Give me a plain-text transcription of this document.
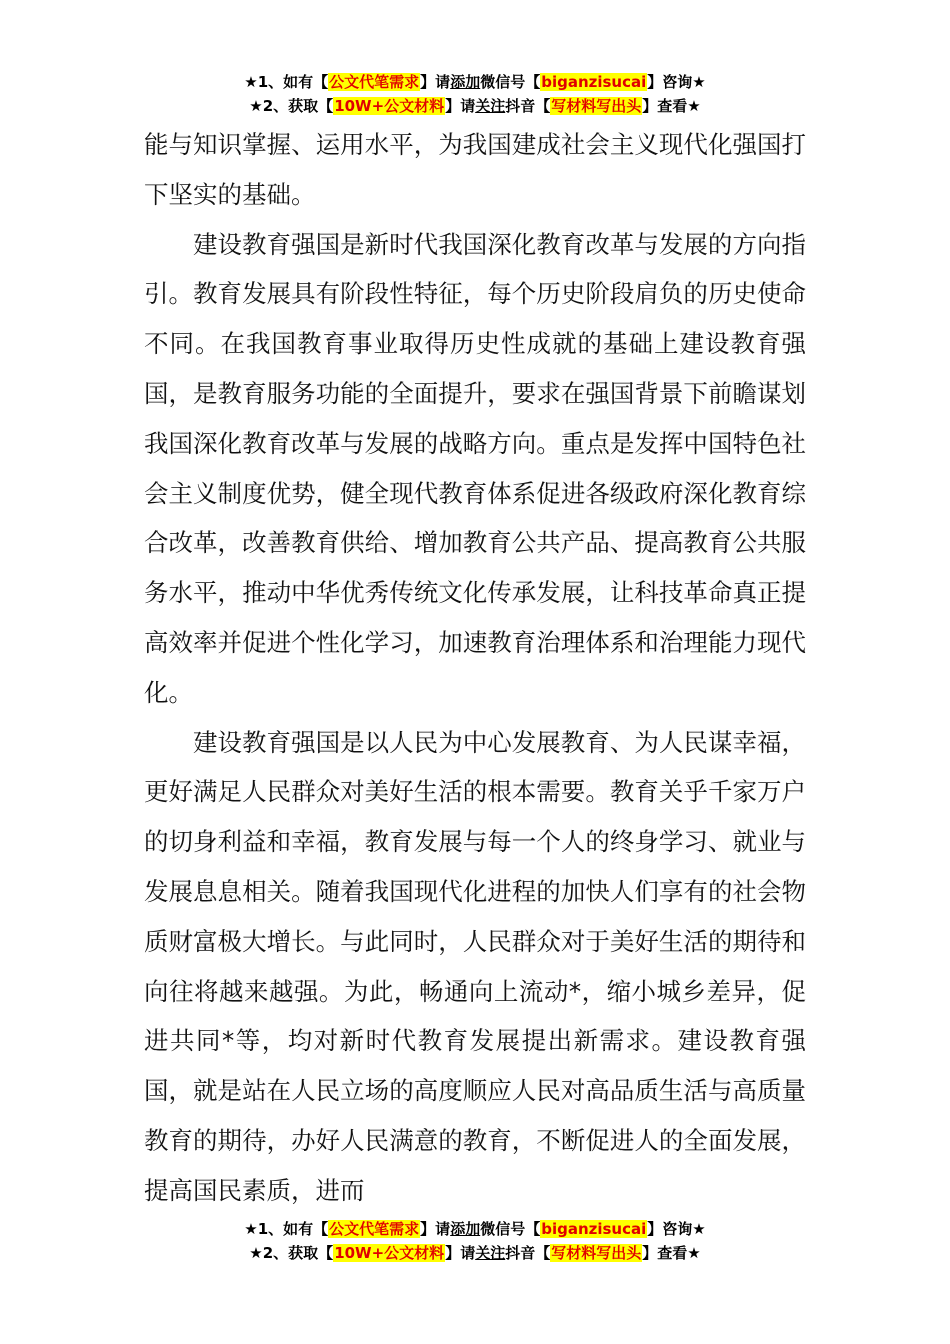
★1、如有【公文代笔需求】请添加微信号【biganzisucai】咨询★
★2、获取【10W+公文材料】请关注抖音【写材料写出头】查看★

能与知识掌握、运用水平，为我国建成社会主义现代化强国打下坚实的基础。

建设教育强国是新时代我国深化教育改革与发展的方向指引。教育发展具有阶段性特征，每个历史阶段肩负的历史使命不同。在我国教育事业取得历史性成就的基础上建设教育强国，是教育服务功能的全面提升，要求在强国背景下前瞻谋划我国深化教育改革与发展的战略方向。重点是发挥中国特色社会主义制度优势，健全现代教育体系促进各级政府深化教育综合改革，改善教育供给、增加教育公共产品、提高教育公共服务水平，推动中华优秀传统文化传承发展，让科技革命真正提高效率并促进个性化学习，加速教育治理体系和治理能力现代化。

建设教育强国是以人民为中心发展教育、为人民谋幸福，更好满足人民群众对美好生活的根本需要。教育关乎千家万户的切身利益和幸福，教育发展与每一个人的终身学习、就业与发展息息相关。随着我国现代化进程的加快人们享有的社会物质财富极大增长。与此同时，人民群众对于美好生活的期待和向往将越来越强。为此，畅通向上流动*，缩小城乡差异，促进共同*等，均对新时代教育发展提出新需求。建设教育强国，就是站在人民立场的高度顺应人民对高品质生活与高质量教育的期待，办好人民满意的教育，不断促进人的全面发展，提高国民素质，进而

★1、如有【公文代笔需求】请添加微信号【biganzisucai】咨询★
★2、获取【10W+公文材料】请关注抖音【写材料写出头】查看★
